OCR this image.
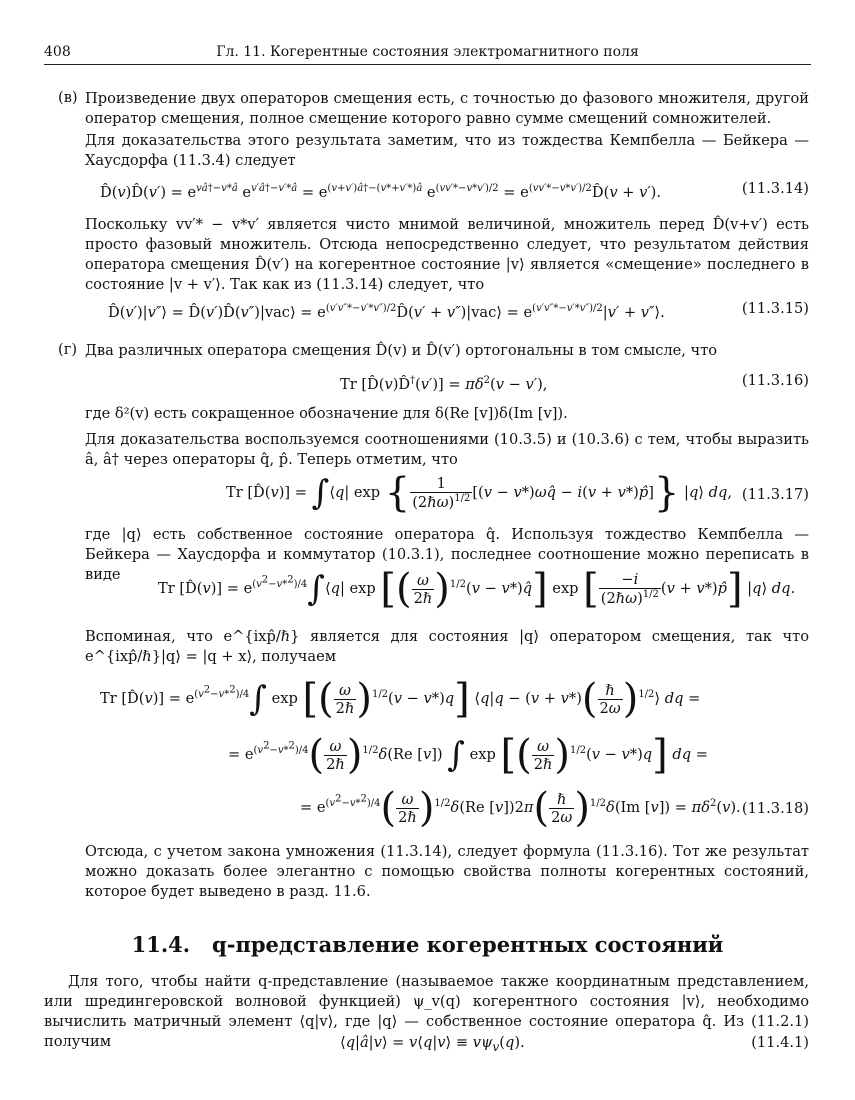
408	Гл. 11. Когерентные состояния электромагнитного поля
(в) Произведение двух операторов смещения есть, с точностью до фазового множителя, другой оператор смещения, полное смещение которого равно сумме смещений сомножителей.
Для доказательства этого результата заметим, что из тождества Кемпбелла — Бейкера — Хаусдорфа (11.3.4) следует
D̂(v)D̂(v′) = $e^{vâ\dagger-v*â}$ $e^{v'â\dagger-v'*â} = e^{(v+v')â\dagger-(v*+v'*)â}$ $e^{(vv'*-v*v')/2}$ = $e^{(vv'*-v*v')/2}D̂(v + v')$.	(11.3.14)
Поскольку vv′* − v*v′ является чисто мнимой величиной, множитель перед D̂(v+v′) есть просто фазовый множитель. Отсюда непосредственно следует, что результатом действия оператора смещения D̂(v′) на когерентное состояние |v⟩ является «смещение» последнего в состояние |v + v′⟩. Так как из (11.3.14) следует, что
D̂(v′)|v″⟩ = D̂(v′)D̂(v″)|vac⟩ = $e^{(v'v''*-v'*v'')/2}D̂(v'$ + v″)|vac⟩ = $e^{(v'v''*-v'*v'')/2}|v'$ + v″⟩.	(11.3.15)
(г) Два различных оператора смещения D̂(v) и D̂(v′) ортогональны в том смысле, что
Tr [D̂(v)D̂†(v′)] = $\pi\delta^2(v - v')$,	(11.3.16)
где δ²(v) есть сокращенное обозначение для δ(Re [v])δ(Im [v]).
Для доказательства воспользуемся соотношениями (10.3.5) и (10.3.6) с тем, чтобы выразить â, â† через операторы q̂, p̂. Теперь отметим, что
Tr [D̂(v)] = ∫⟨q| exp { $\frac{1}{(2\hbar\omega)^{1/2}} [(v$ − v*)ωq̂ − i(v + v*)p̂]} |q⟩ dq, (11.3.17)
где |q⟩ есть собственное состояние оператора q̂. Используя тождество Кемпбелла — Бейкера — Хаусдорфа и коммутатор (10.3.1), последнее соотношение можно переписать в виде
Tr [D̂(v)] = $e^{(v^2-v*^2)/4}\int⟨q|$ exp [( $\frac{\omega}{\text{2ℏ}} )^{1/2}(v$ − v*)q̂] exp [ $\frac{-i}{(2\hbar\omega)^{1/2}} (v$ + v*)p̂] |q⟩ dq.
Вспоминая, что e^{ixp̂/ℏ} является для состояния |q⟩ оператором смещения, так что e^{ixp̂/ℏ}|q⟩ = |q + x⟩, получаем
Tr [D̂(v)] = $e^{(v^2-v*^2)/4}\int$ exp [( $\frac{\omega}{\text{2ℏ}} )^{1/2}(v - v*)q$] ⟨q|q − $(v + v*)( \frac{\text{ℏ}}{2\omega}$ )$^{1/2}⟩$ dq =
= $e^{(v^2-v*^2)/4}( \frac{\omega}{\text{2ℏ}} )^{1/2}\delta(Re$ [v]) ∫ exp [( $\frac{\omega}{\text{2ℏ}} )^{1/2}(v - v*)q$] dq =
= $e^{(v^2-v*^2)/4}( \frac{\omega}{\text{2ℏ}} )^{1/2}\delta(Re$ $[v])2\pi( \frac{\text{ℏ}}{2\omega} )^{1/2}\delta(Im$ $[v]) = \pi\delta^2(v)$. (11.3.18)
Отсюда, с учетом закона умножения (11.3.14), следует формула (11.3.16). Тот же результат можно доказать более элегантно с помощью свойства полноты когерентных состояний, которое будет выведено в разд. 11.6.
11.4. q-представление когерентных состояний
Для того, чтобы найти q-представление (называемое также координатным представлением, или шредингеровской волновой функцией) ψ_v(q) когерентного состояния |v⟩, необходимо вычислить матричный элемент ⟨q|v⟩, где |q⟩ — собственное состояние оператора q̂. Из (11.2.1) получим	⟨q|â|v⟩ = v⟨q|v⟩ ≡ $v\psi_v(q)$.	(11.4.1)
